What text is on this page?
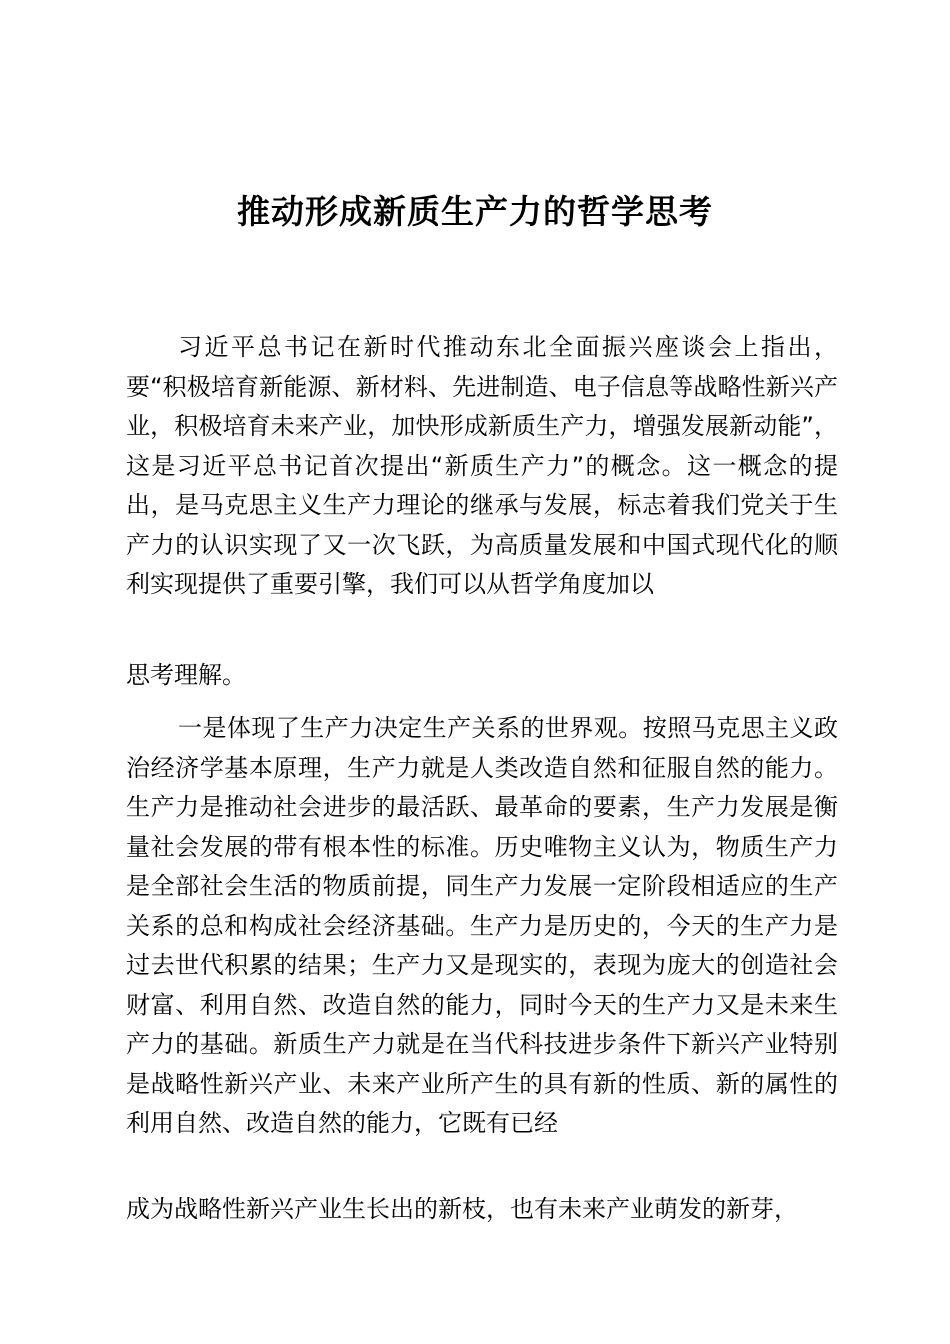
推动形成新质生产力的哲学思考

习近平总书记在新时代推动东北全面振兴座谈会上指出，要“积极培育新能源、新材料、先进制造、电子信息等战略性新兴产业，积极培育未来产业，加快形成新质生产力，增强发展新动能”，这是习近平总书记首次提出“新质生产力”的概念。这一概念的提出，是马克思主义生产力理论的继承与发展，标志着我们党关于生产力的认识实现了又一次飞跃，为高质量发展和中国式现代化的顺利实现提供了重要引擎，我们可以从哲学角度加以

思考理解。

一是体现了生产力决定生产关系的世界观。按照马克思主义政治经济学基本原理，生产力就是人类改造自然和征服自然的能力。生产力是推动社会进步的最活跃、最革命的要素，生产力发展是衡量社会发展的带有根本性的标准。历史唯物主义认为，物质生产力是全部社会生活的物质前提，同生产力发展一定阶段相适应的生产关系的总和构成社会经济基础。生产力是历史的，今天的生产力是过去世代积累的结果；生产力又是现实的，表现为庞大的创造社会财富、利用自然、改造自然的能力，同时今天的生产力又是未来生产力的基础。新质生产力就是在当代科技进步条件下新兴产业特别是战略性新兴产业、未来产业所产生的具有新的性质、新的属性的利用自然、改造自然的能力，它既有已经

成为战略性新兴产业生长出的新枝，也有未来产业萌发的新芽，
